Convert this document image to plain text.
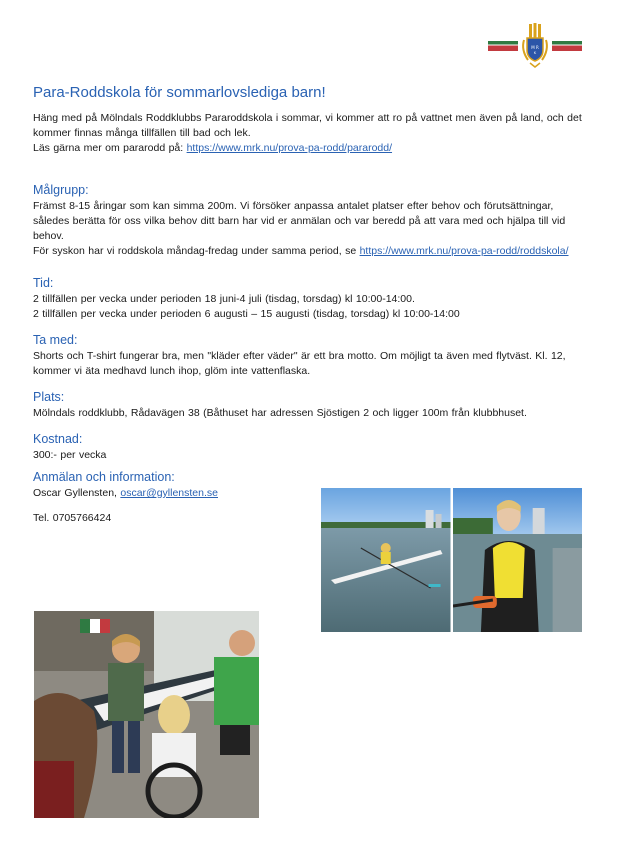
M R
K
Para-Roddskola för sommarlovslediga barn!

Häng med på Mölndals Roddklubbs Pararoddskola i sommar, vi kommer att ro på vattnet men även på land, och det kommer finnas många tillfällen till bad och lek.

Läs gärna mer om pararodd på: https://www.mrk.nu/prova-pa-rodd/pararodd/

Målgrupp:

Främst 8-15 åringar som kan simma 200m. Vi försöker anpassa antalet platser efter behov och förutsättningar, således berätta för oss vilka behov ditt barn har vid er anmälan och var beredd på att vara med och hjälpa till vid behov.

För syskon har vi roddskola måndag-fredag under samma period, se https://www.mrk.nu/prova-pa-rodd/roddskola/

Tid:

2 tillfällen per vecka under perioden 18 juni-4 juli (tisdag, torsdag) kl 10:00-14:00.

2 tillfällen per vecka under perioden 6 augusti – 15 augusti (tisdag, torsdag) kl 10:00-14:00

Ta med:

Shorts och T-shirt fungerar bra, men "kläder efter väder" är ett bra motto. Om möjligt ta även med flytväst. Kl. 12, kommer vi äta medhavd lunch ihop, glöm inte vattenflaska.

Plats:

Mölndals roddklubb, Rådavägen 38 (Båthuset har adressen Sjöstigen 2 och ligger 100m från klubbhuset.

Kostnad:

300:- per vecka

Anmälan och information:

Oscar Gyllensten, oscar@gyllensten.se

Tel. 0705766424
